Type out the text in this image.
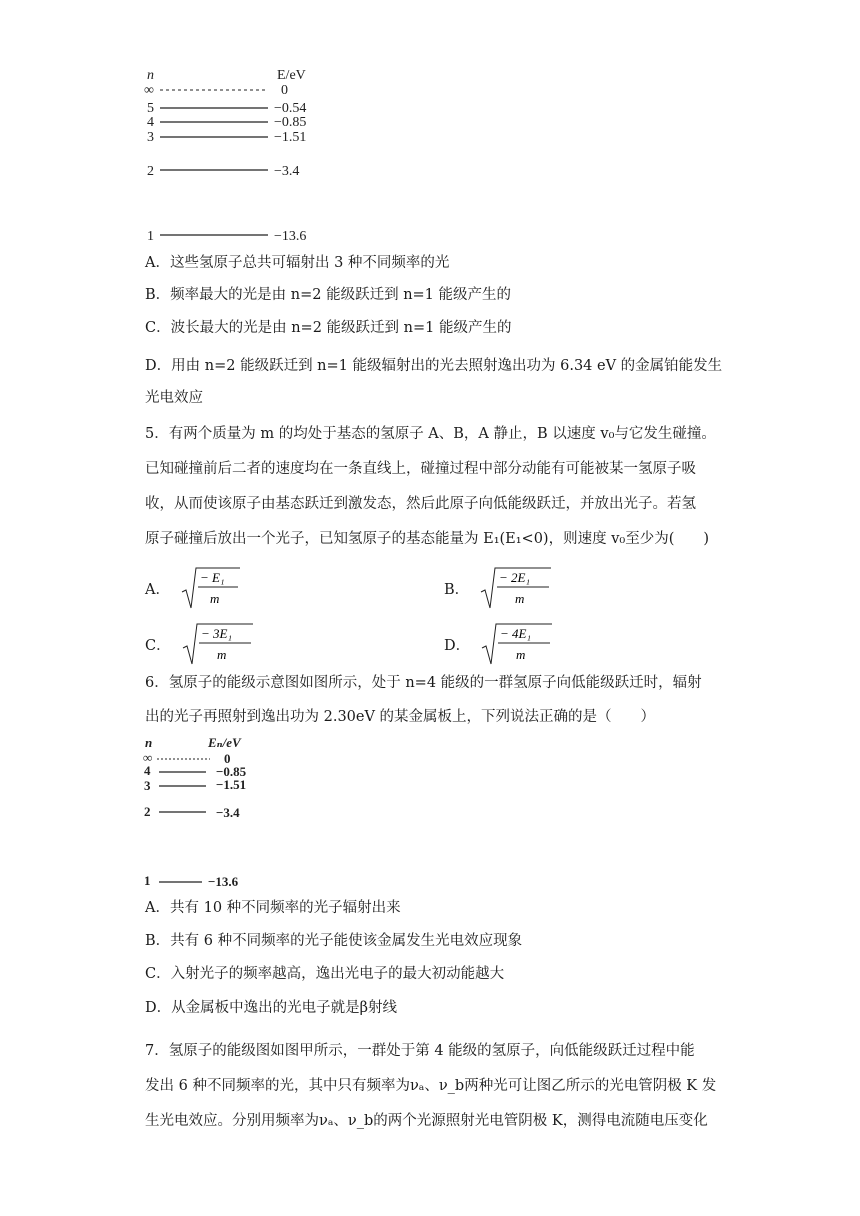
n	E/eV
∞	0
5	−0.54
4	−0.85
3	−1.51
2	−3.4
1	−13.6
A．这些氢原子总共可辐射出 3 种不同频率的光
B．频率最大的光是由 n=2 能级跃迁到 n=1 能级产生的
C．波长最大的光是由 n=2 能级跃迁到 n=1 能级产生的
D．用由 n=2 能级跃迁到 n=1 能级辐射出的光去照射逸出功为 6.34 eV 的金属铂能发生
光电效应
5．有两个质量为 m 的均处于基态的氢原子 A、B，A 静止，B 以速度 v₀与它发生碰撞。
已知碰撞前后二者的速度均在一条直线上，碰撞过程中部分动能有可能被某一氢原子吸
收，从而使该原子由基态跃迁到激发态，然后此原子向低能级跃迁，并放出光子。若氢
原子碰撞后放出一个光子，已知氢原子的基态能量为 E₁(E₁<0)，则速度 v₀至少为(　　)
A．
− E₁
m
B．
− 2E₁
m
C．
− 3E₁
m
D．
− 4E₁
m
6．氢原子的能级示意图如图所示，处于 n=4 能级的一群氢原子向低能级跃迁时，辐射
出的光子再照射到逸出功为 2.30eV 的某金属板上，下列说法正确的是（　　）
n	Eₙ/eV
∞	0
4	−0.85
3	−1.51
2	−3.4
1	−13.6
A．共有 10 种不同频率的光子辐射出来
B．共有 6 种不同频率的光子能使该金属发生光电效应现象
C．入射光子的频率越高，逸出光电子的最大初动能越大
D．从金属板中逸出的光电子就是β射线
7．氢原子的能级图如图甲所示，一群处于第 4 能级的氢原子，向低能级跃迁过程中能
发出 6 种不同频率的光，其中只有频率为νₐ、ν_b两种光可让图乙所示的光电管阴极 K 发
生光电效应。分别用频率为νₐ、ν_b的两个光源照射光电管阴极 K，测得电流随电压变化
